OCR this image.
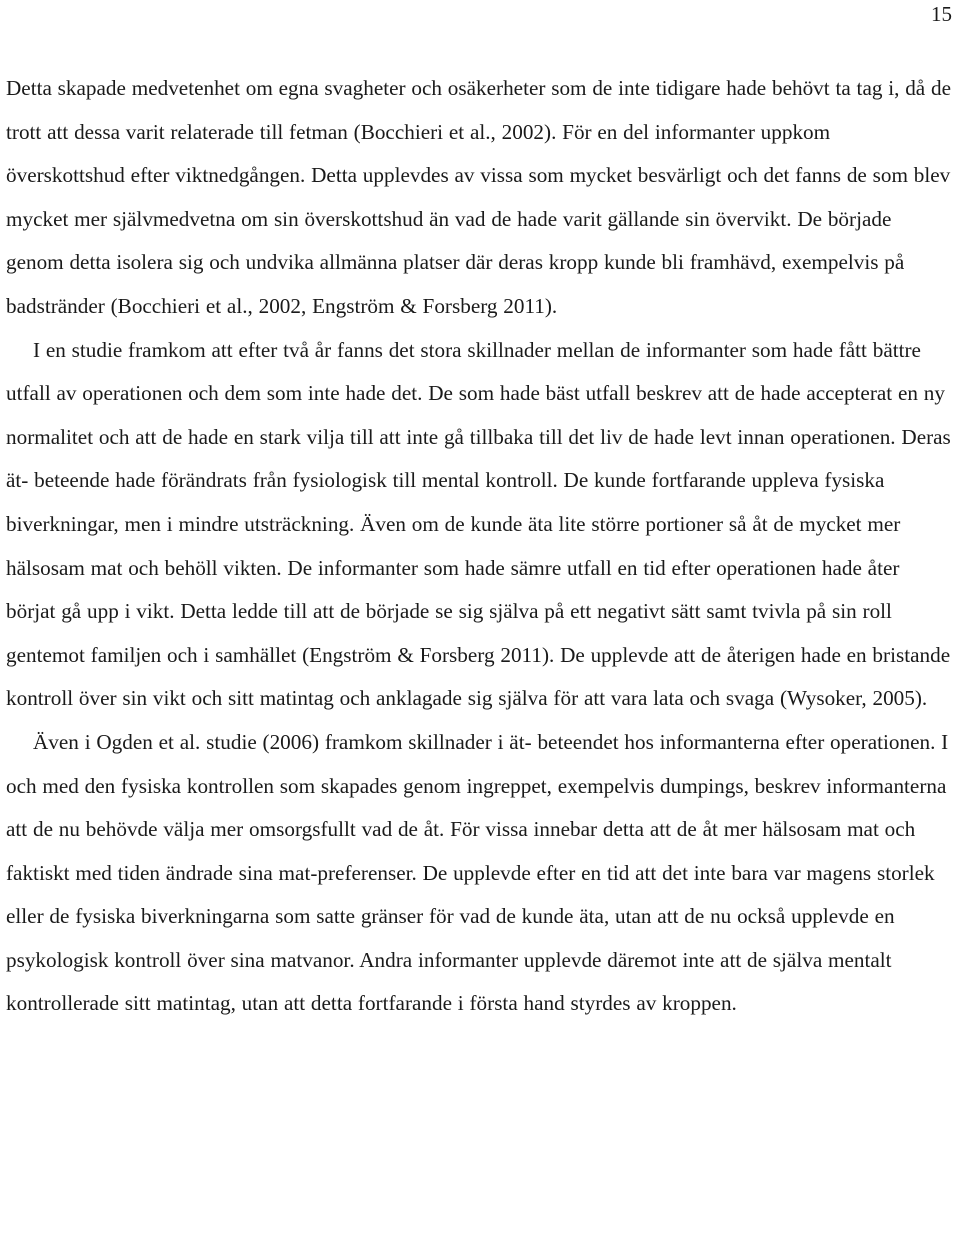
15

Detta skapade medvetenhet om egna svagheter och osäkerheter som de inte tidigare hade behövt ta tag i, då de trott att dessa varit relaterade till fetman (Bocchieri et al., 2002). För en del informanter uppkom överskottshud efter viktnedgången. Detta upplevdes av vissa som mycket besvärligt och det fanns de som blev mycket mer självmedvetna om sin överskottshud än vad de hade varit gällande sin övervikt. De började genom detta isolera sig och undvika allmänna platser där deras kropp kunde bli framhävd, exempelvis på badstränder (Bocchieri et al., 2002, Engström & Forsberg 2011).

I en studie framkom att efter två år fanns det stora skillnader mellan de informanter som hade fått bättre utfall av operationen och dem som inte hade det. De som hade bäst utfall beskrev att de hade accepterat en ny normalitet och att de hade en stark vilja till att inte gå tillbaka till det liv de hade levt innan operationen. Deras ät- beteende hade förändrats från fysiologisk till mental kontroll. De kunde fortfarande uppleva fysiska biverkningar, men i mindre utsträckning. Även om de kunde äta lite större portioner så åt de mycket mer hälsosam mat och behöll vikten. De informanter som hade sämre utfall en tid efter operationen hade åter börjat gå upp i vikt. Detta ledde till att de började se sig själva på ett negativt sätt samt tvivla på sin roll gentemot familjen och i samhället (Engström & Forsberg 2011). De upplevde att de återigen hade en bristande kontroll över sin vikt och sitt matintag och anklagade sig själva för att vara lata och svaga (Wysoker, 2005).

Även i Ogden et al. studie (2006) framkom skillnader i ät- beteendet hos informanterna efter operationen. I och med den fysiska kontrollen som skapades genom ingreppet, exempelvis dumpings, beskrev informanterna att de nu behövde välja mer omsorgsfullt vad de åt. För vissa innebar detta att de åt mer hälsosam mat och faktiskt med tiden ändrade sina mat-preferenser. De upplevde efter en tid att det inte bara var magens storlek eller de fysiska biverkningarna som satte gränser för vad de kunde äta, utan att de nu också upplevde en psykologisk kontroll över sina matvanor. Andra informanter upplevde däremot inte att de själva mentalt kontrollerade sitt matintag, utan att detta fortfarande i första hand styrdes av kroppen.
